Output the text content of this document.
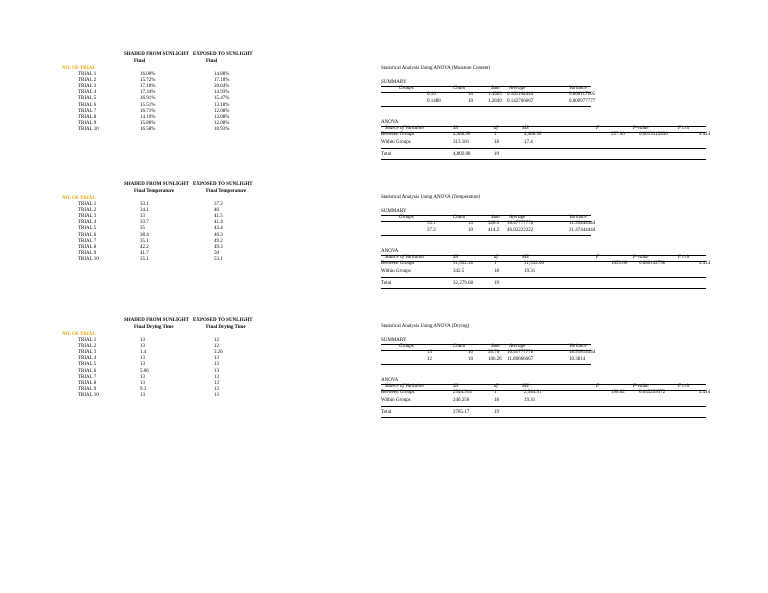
SHADED FROM SUNLIGHT EXPOSED TO SUNLIGHT
Final	Final
NO. OF TRIAL
TRIAL 1	16.00%	14.88%
TRIAL 2	15.72%	17.18%
TRIAL 3	17.10%	20.04%
TRIAL 4	17.34%	14.93%
TRIAL 5	16.91%	15.47%
TRIAL 6	15.51%	13.18%
TRIAL 7	16.71%	12.08%
TRIAL 8	14.10%	12.08%
TRIAL 9	15.86%	12.08%
TRIAL 10	16.58%	10.93%
Statistical Analysis Using ANOVA (Moisture Content)
SUMMARY
Groups	Count	Sum Average	Variance
0.16	10	1.4503 0.161144444	0.000117105
0.1488	10	1.2849 0.142766667	0.000977777
ANOVA
Source of Variation	SS	df	MS	F	P-value	F crit
Between Groups	4,488.90	1	4,488.90	257.90	0.0013312836	4.414
Within Groups	313.181	18	17.4
Total	4,802.08	19
SHADED FROM SUNLIGHT EXPOSED TO SUNLIGHT
Final Temperature	Final Temperature
NO. OF TRIAL
TRIAL 1	33.1	37.2
TRIAL 2	34.1	40
TRIAL 3	33	41.5
TRIAL 4	33.7	41.4
TRIAL 5	35	43.4
TRIAL 6	38.4	46.3
TRIAL 7	35.1	49.2
TRIAL 8	42.2	49.3
TRIAL 9	41.7	50
TRIAL 10	35.1	53.1
Statistical Analysis Using ANOVA (Temperature)
SUMMARY
Groups	Count	Sum Average	Variance
33.1	10	328.3 36.47777778	11.39444444
37.2	10	414.2 46.02222222	21.47444444
ANOVA
Source of Variation	SS	df	MS	F	P-value	F crit
Between Groups	31,932.18	1	31,932.66	1653.66 0.080142798	4.414
Within Groups	342.5	18	19.31
Total	32,279.68	19
SHADED FROM SUNLIGHT EXPOSED TO SUNLIGHT
Final Drying Time	Final Drying Time
NO. OF TRIAL
TRIAL 1	13	12
TRIAL 2	13	12
TRIAL 3	1.4	3.26
TRIAL 4	13	13
TRIAL 5	13	13
TRIAL 6	5.06	13
TRIAL 7	13	13
TRIAL 8	13	13
TRIAL 9	9.3	13
TRIAL 10	13	13
Statistical Analysis Using ANOVA (Drying)
SUMMARY
Groups	Count	Sum Average	Variance
13	10	93.76 10.41777778	18.91814444
12	10	106.26 11.80666667	10.3814
ANOVA
Source of Variation	SS	df	MS	F	P-value	F crit
Between Groups	2544.914	1	2,544.91	190.62	0.045259572	4.414
Within Groups	240.256	18	19.31
Total	2785.17	19
